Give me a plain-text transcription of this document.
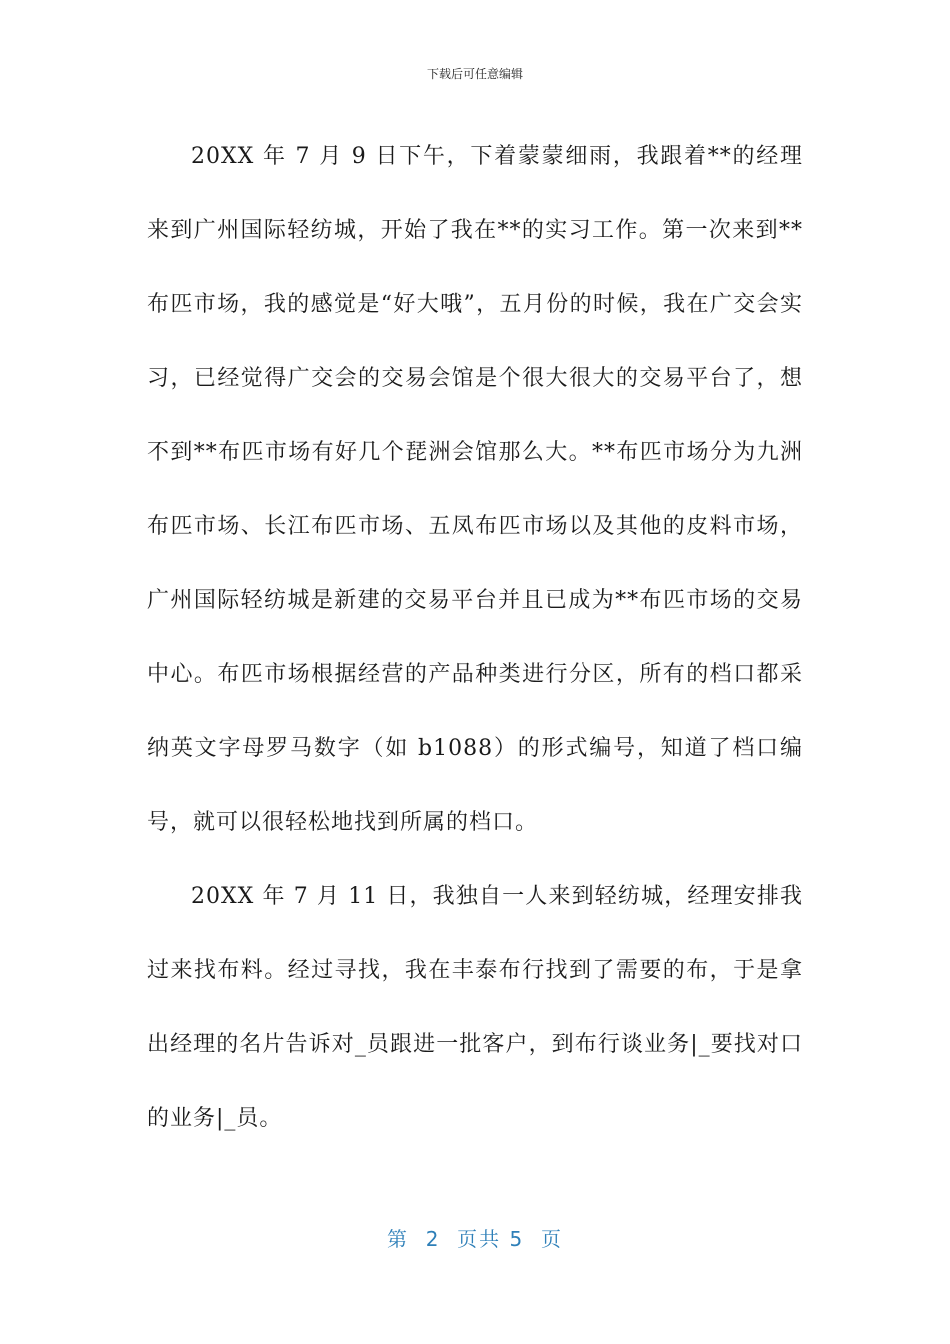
下载后可任意编辑

20XX 年 7 月 9 日下午，下着蒙蒙细雨，我跟着**的经理来到广州国际轻纺城，开始了我在**的实习工作。第一次来到**布匹市场，我的感觉是“好大哦”，五月份的时候，我在广交会实习，已经觉得广交会的交易会馆是个很大很大的交易平台了，想不到**布匹市场有好几个琵洲会馆那么大。**布匹市场分为九洲布匹市场、长江布匹市场、五凤布匹市场以及其他的皮料市场，广州国际轻纺城是新建的交易平台并且已成为**布匹市场的交易中心。布匹市场根据经营的产品种类进行分区，所有的档口都采纳英文字母罗马数字（如 b1088）的形式编号，知道了档口编号，就可以很轻松地找到所属的档口。

20XX 年 7 月 11 日，我独自一人来到轻纺城，经理安排我过来找布料。经过寻找，我在丰泰布行找到了需要的布，于是拿出经理的名片告诉对_员跟进一批客户，到布行谈业务|_要找对口的业务|_员。

第  2  页共 5  页
